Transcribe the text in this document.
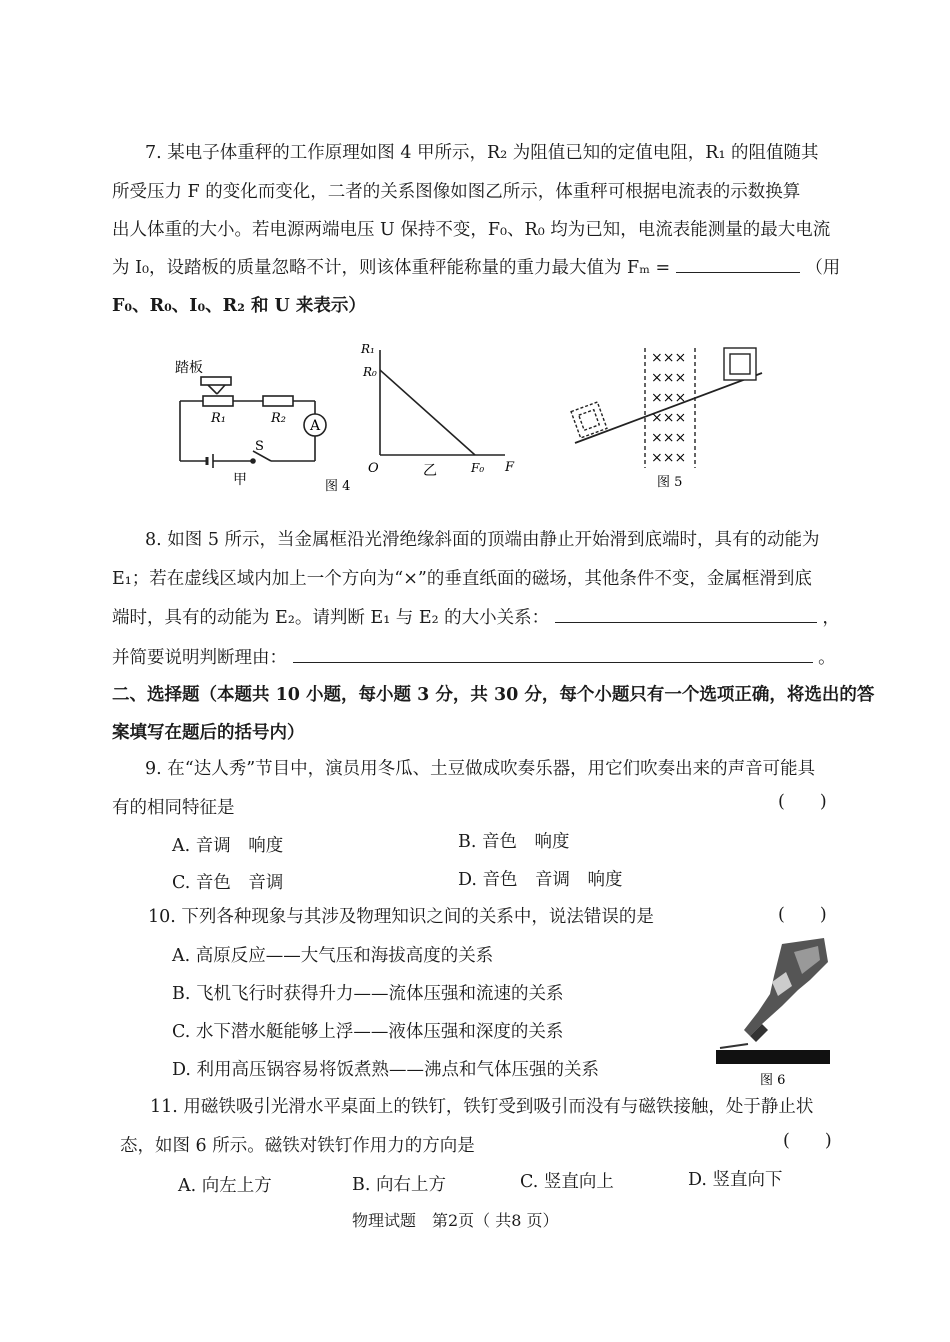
7. 某电子体重秤的工作原理如图 4 甲所示，R₂ 为阻值已知的定值电阻，R₁ 的阻值随其
所受压力 F 的变化而变化，二者的关系图像如图乙所示，体重秤可根据电流表的示数换算
出人体重的大小。若电源两端电压 U 保持不变，F₀、R₀ 均为已知，电流表能测量的最大电流
为 I₀，设踏板的质量忽略不计，则该体重秤能称量的重力最大值为 Fₘ =	（用
F₀、R₀、I₀、R₂ 和 U 来表示）
踏板
R₁	R₂ A
S
甲
R₁
R₀
O	乙	F₀ F
图 4
×××
×××
×××
×××
×××
×××
图 5
8. 如图 5 所示，当金属框沿光滑绝缘斜面的顶端由静止开始滑到底端时，具有的动能为
E₁；若在虚线区域内加上一个方向为“×”的垂直纸面的磁场，其他条件不变，金属框滑到底
端时，具有的动能为 E₂。请判断 E₁ 与 E₂ 的大小关系：	，
并简要说明判断理由：	。
二、选择题（本题共 10 小题，每小题 3 分，共 30 分，每个小题只有一个选项正确，将选出的答
案填写在题后的括号内）
9. 在“达人秀”节目中，演员用冬瓜、土豆做成吹奏乐器，用它们吹奏出来的声音可能具
有的相同特征是	(　　)
A. 音调　响度	B. 音色　响度
C. 音色　音调	D. 音色　音调　响度
10. 下列各种现象与其涉及物理知识之间的关系中，说法错误的是	(　　)
A. 高原反应——大气压和海拔高度的关系
B. 飞机飞行时获得升力——流体压强和流速的关系
C. 水下潜水艇能够上浮——液体压强和深度的关系
D. 利用高压锅容易将饭煮熟——沸点和气体压强的关系
图 6
11. 用磁铁吸引光滑水平桌面上的铁钉，铁钉受到吸引而没有与磁铁接触，处于静止状
态，如图 6 所示。磁铁对铁钉作用力的方向是	(　　)
A. 向左上方	B. 向右上方	C. 竖直向上	D. 竖直向下
物理试题　第2页（ 共8 页）
